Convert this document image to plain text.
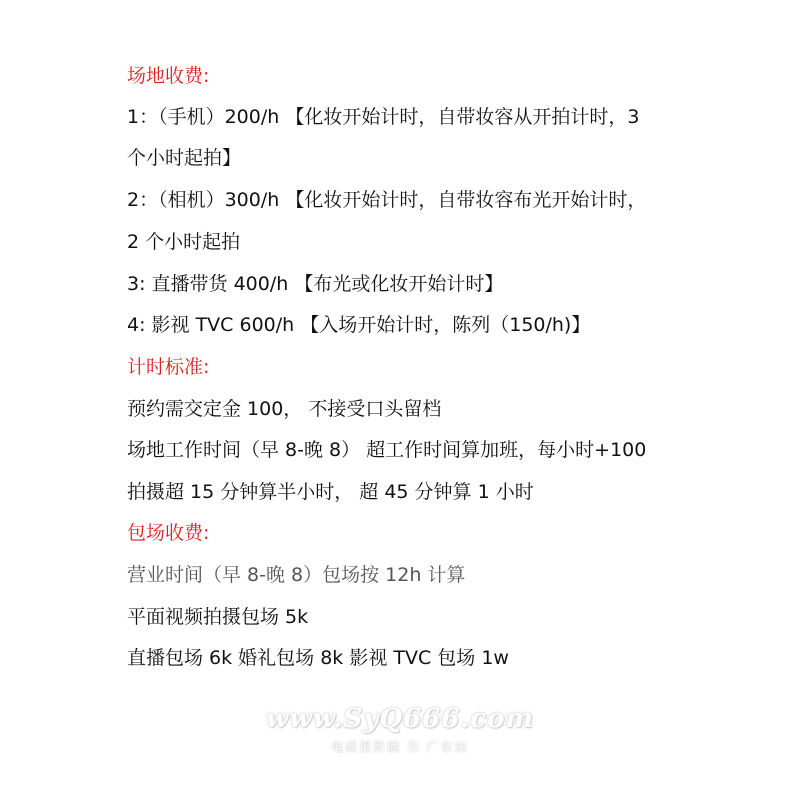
场地收费:
1：（手机）200/h 【化妆开始计时，自带妆容从开拍计时，3
个小时起拍】
2：（相机）300/h 【化妆开始计时，自带妆容布光开始计时，
2 个小时起拍
3: 直播带货 400/h 【布光或化妆开始计时】
4: 影视 TVC 600/h 【入场开始计时，陈列（150/h)】
计时标准:
预约需交定金 100， 不接受口头留档
场地工作时间（早 8-晚 8） 超工作时间算加班，每小时+100
拍摄超 15 分钟算半小时， 超 45 分钟算 1 小时
包场收费:
营业时间（早 8-晚 8）包场按 12h 计算
平面视频拍摄包场 5k
直播包场 6k 婚礼包场 8k 影视 TVC 包场 1w
www.SyQ666.com
电商摄影圈 ⓠ 广东站
